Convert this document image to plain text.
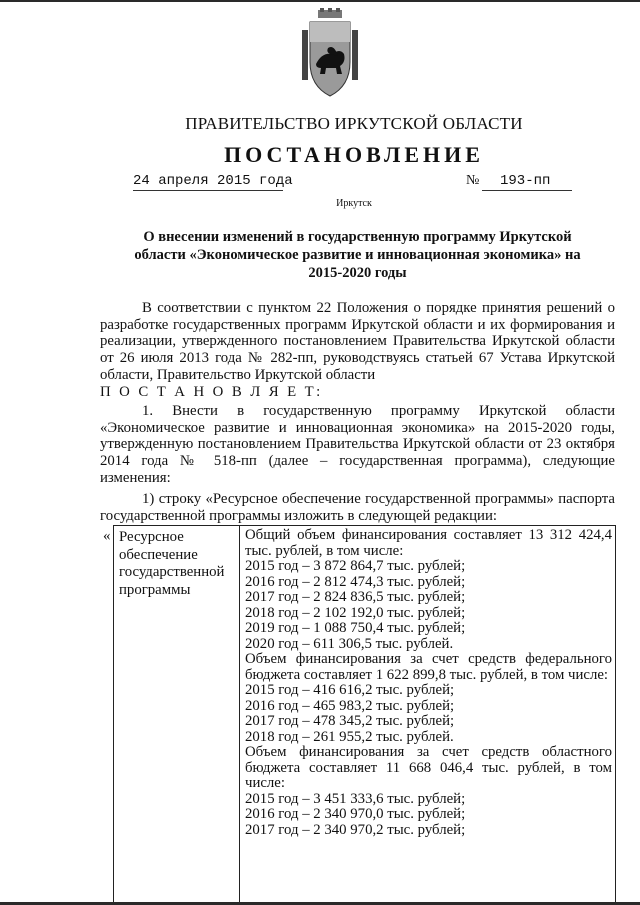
ПРАВИТЕЛЬСТВО ИРКУТСКОЙ ОБЛАСТИ
ПОСТАНОВЛЕНИЕ
24 апреля 2015 года	№ 193-пп
Иркутск
О внесении изменений в государственную программу Иркутской области «Экономическое развитие и инновационная экономика» на 2015-2020 годы

В соответствии с пунктом 22 Положения о порядке принятия решений о разработке государственных программ Иркутской области и их формирования и реализации, утвержденного постановлением Правительства Иркутской области от 26 июля 2013 года № 282-пп, руководствуясь статьей 67 Устава Иркутской области, Правительство Иркутской области

П О С Т А Н О В Л Я Е Т:

1. Внести в государственную программу Иркутской области «Экономическое развитие и инновационная экономика» на 2015-2020 годы, утвержденную постановлением Правительства Иркутской области от 23 октября 2014 года № 518-пп (далее – государственная программа), следующие изменения:

1) строку «Ресурсное обеспечение государственной программы» паспорта государственной программы изложить в следующей редакции:

« Ресурсное обеспечение государственной программы

Общий объем финансирования составляет 13 312 424,4 тыс. рублей, в том числе:

2015 год – 3 872 864,7 тыс. рублей;

2016 год – 2 812 474,3 тыс. рублей;

2017 год – 2 824 836,5 тыс. рублей;

2018 год – 2 102 192,0 тыс. рублей;

2019 год – 1 088 750,4 тыс. рублей;

2020 год – 611 306,5 тыс. рублей.

Объем финансирования за счет средств федерального бюджета составляет 1 622 899,8 тыс. рублей, в том числе:

2015 год – 416 616,2 тыс. рублей;

2016 год – 465 983,2 тыс. рублей;

2017 год – 478 345,2 тыс. рублей;

2018 год – 261 955,2 тыс. рублей.

Объем финансирования за счет средств областного бюджета составляет 11 668 046,4 тыс. рублей, в том числе:

2015 год – 3 451 333,6 тыс. рублей;

2016 год – 2 340 970,0 тыс. рублей;

2017 год – 2 340 970,2 тыс. рублей;
